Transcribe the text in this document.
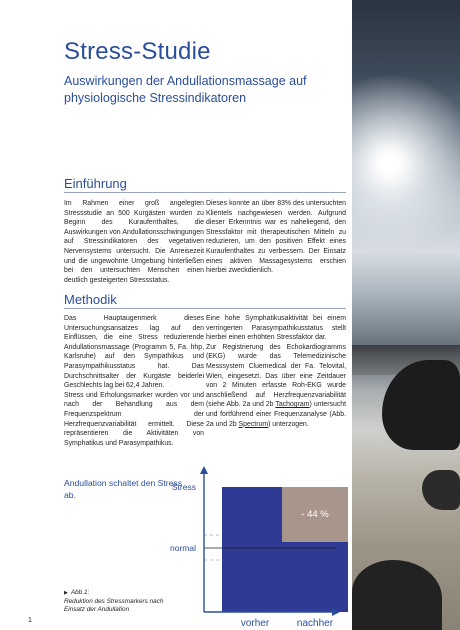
Stress-Studie

Auswirkungen der Andullationsmassage auf physiologische Stressindikatoren

Einführung

Im Rahmen einer groß angelegten Stressstudie an 500 Kurgästen wurden zu Beginn des Kuraufenthaltes, die Auswirkungen von Andullationsschwingungen auf Stressindikatoren des vegetativen Nervensystems untersucht. Die Anreisezeit und die ungewohnte Umgebung hinterließen bei den untersuchten Menschen einen deutlich gesteigerten Stressstatus.

Dieses konnte an über 83% des untersuchten Klientels nachgewiesen werden. Aufgrund dieser Erkenntnis war es naheliegend, den Stressfaktor mit therapeutischen Mitteln zu reduzieren, um den positiven Effekt eines Kuraufenthaltes zu verbessern. Der Einsatz eines aktiven Massagesystems erschien hierbei zweckdienlich.

Methodik

Das Hauptaugenmerk dieses Untersuchungsansatzes lag auf den Einflüssen, die eine Stress reduzierende Andullationsmassage (Programm 5, Fa. hhp, Karlsruhe) auf den Sympathikus und Parasympathikusstatus hat. Das Durchschnittsalter der Kurgäste beiderlei Geschlechts lag bei 62,4 Jahren.

Stress und Erholungsmarker wurden vor und nach der Behandlung aus dem Frequenzspektrum der Herzfrequenzvariabilität ermittelt. Diese repräsentieren die Aktivitäten von Symphatikus und Parasympathikus.

Eine hohe Symphatikusaktivität bei einem verringerten Parasympathikusstatus stellt hierbei einen erhöhten Stressfaktor dar.

Zur Registrierung des Echokardiogramms (EKG) wurde das Telemedizinische Messsystem Cluemedical der Fa. Telovital, Wien, eingesetzt. Das über eine Zeitdauer von 2 Minuten erfasste Roh-EKG wurde anschließend auf Herzfrequenzvariabilität (siehe Abb. 2a und 2b Tachogram) untersucht und fortführend einer Frequenzanalyse (Abb. 2a und 2b Spectrum) unterzogen.

Andullation schaltet den Stress ab.

- 44 %
Stress
normal
vorher	nachher

▶ Abb.1:
Reduktion des Stressmarkers nach Einsatz der Andullation

1
